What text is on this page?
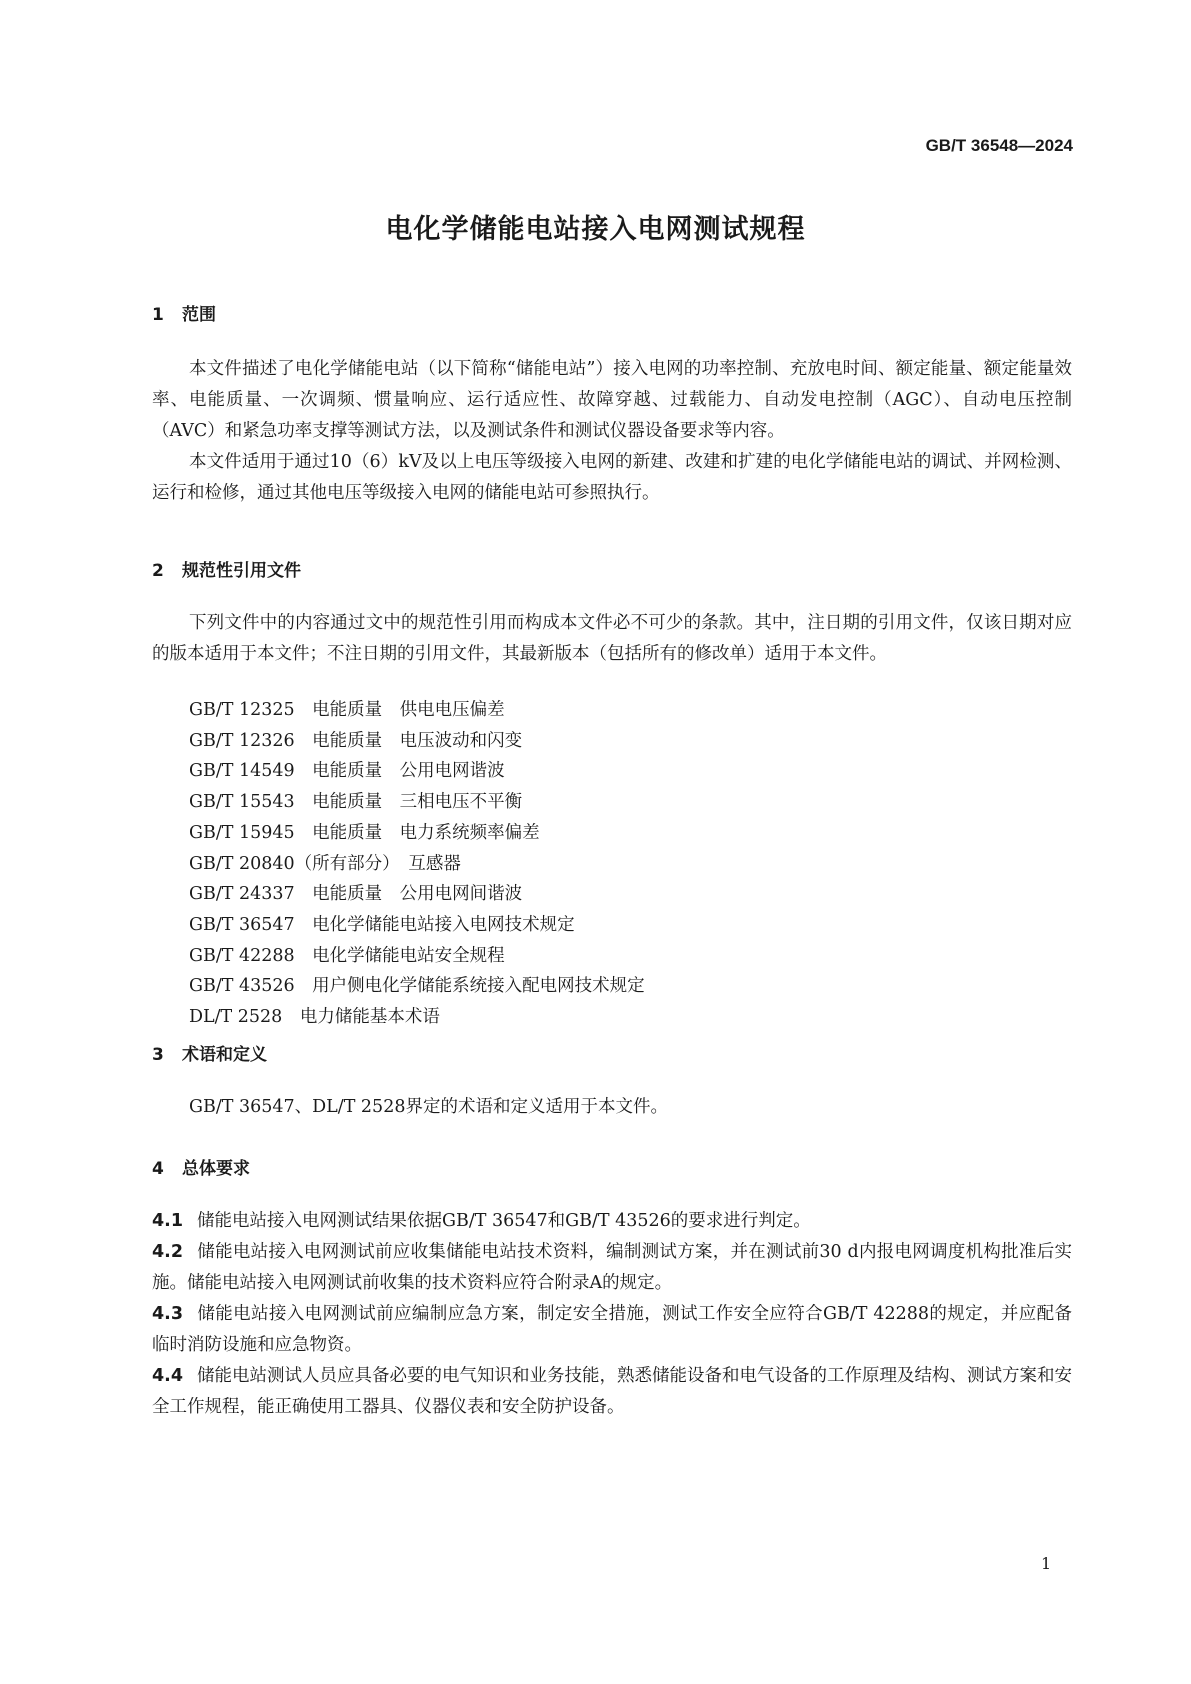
GB/T 36548—2024
电化学储能电站接入电网测试规程
1 范围

本文件描述了电化学储能电站（以下简称“储能电站”）接入电网的功率控制、充放电时间、额定能量、额定能量效率、电能质量、一次调频、惯量响应、运行适应性、故障穿越、过载能力、自动发电控制（AGC）、自动电压控制（AVC）和紧急功率支撑等测试方法，以及测试条件和测试仪器设备要求等内容。

本文件适用于通过10（6）kV及以上电压等级接入电网的新建、改建和扩建的电化学储能电站的调试、并网检测、运行和检修，通过其他电压等级接入电网的储能电站可参照执行。

2 规范性引用文件

下列文件中的内容通过文中的规范性引用而构成本文件必不可少的条款。其中，注日期的引用文件，仅该日期对应的版本适用于本文件；不注日期的引用文件，其最新版本（包括所有的修改单）适用于本文件。

GB/T 12325　电能质量　供电电压偏差
GB/T 12326　电能质量　电压波动和闪变
GB/T 14549　电能质量　公用电网谐波
GB/T 15543　电能质量　三相电压不平衡
GB/T 15945　电能质量　电力系统频率偏差
GB/T 20840（所有部分）　互感器
GB/T 24337　电能质量　公用电网间谐波
GB/T 36547　电化学储能电站接入电网技术规定
GB/T 42288　电化学储能电站安全规程
GB/T 43526　用户侧电化学储能系统接入配电网技术规定
DL/T 2528　电力储能基本术语
3 术语和定义

GB/T 36547、DL/T 2528界定的术语和定义适用于本文件。

4 总体要求

4.1 储能电站接入电网测试结果依据GB/T 36547和GB/T 43526的要求进行判定。

4.2 储能电站接入电网测试前应收集储能电站技术资料，编制测试方案，并在测试前30 d内报电网调度机构批准后实施。储能电站接入电网测试前收集的技术资料应符合附录A的规定。

4.3 储能电站接入电网测试前应编制应急方案，制定安全措施，测试工作安全应符合GB/T 42288的规定，并应配备临时消防设施和应急物资。

4.4 储能电站测试人员应具备必要的电气知识和业务技能，熟悉储能设备和电气设备的工作原理及结构、测试方案和安全工作规程，能正确使用工器具、仪器仪表和安全防护设备。

1
